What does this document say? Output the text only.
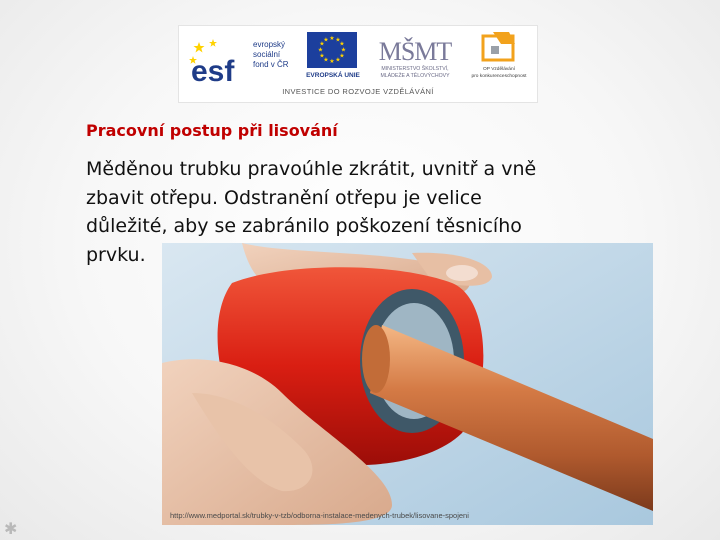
esf
evropský
sociální
fond v ČR
★ ★
★
★
★
★
★
★
★
★
★
★
EVROPSKÁ UNIE
MŠMT
MINISTERSTVO ŠKOLSTVÍ,
MLÁDEŽE A TĚLOVÝCHOVY
OP Vzdělávání
pro konkurenceschopnost
INVESTICE DO ROZVOJE VZDĚLÁVÁNÍ
Pracovní postup při lisování
http://www.medportal.sk/trubky-v-tzb/odborna-instalace-medenych-trubek/lisovane-spojeni
Měděnou trubku pravoúhle zkrátit, uvnitř a vně
zbavit otřepu. Odstranění otřepu je velice
důležité, aby se zabránilo poškození těsnicího
prvku.
✱
